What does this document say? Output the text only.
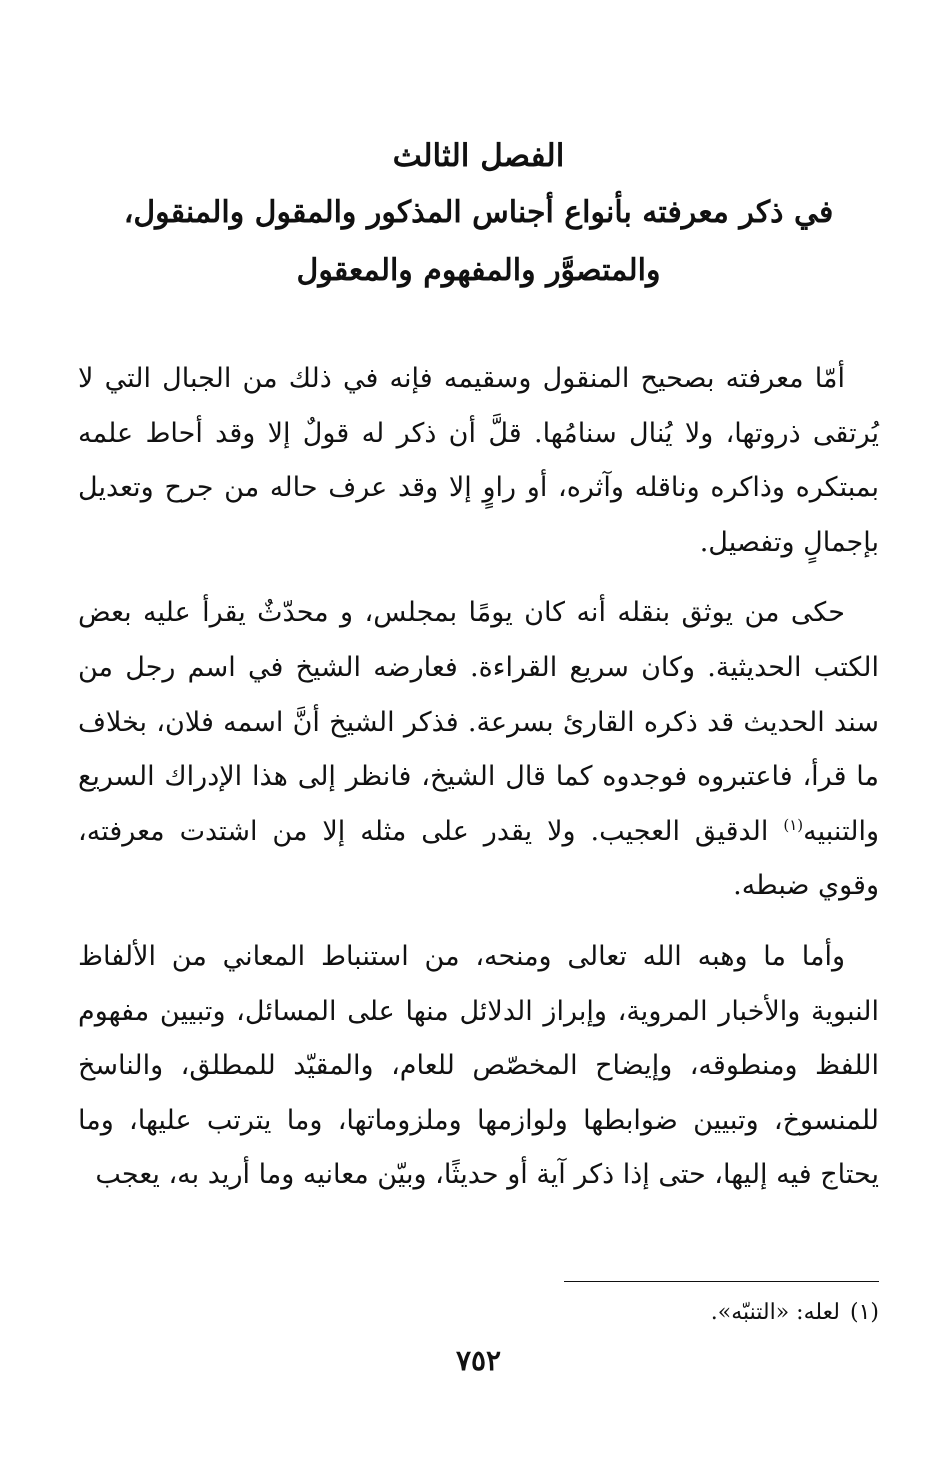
الفصل الثالث
في ذكر معرفته بأنواع أجناس المذكور والمقول والمنقول،
والمتصوَّر والمفهوم والمعقول

أمّا معرفته بصحيح المنقول وسقيمه فإنه في ذلك من الجبال التي لا يُرتقى ذروتها، ولا يُنال سنامُها. قلَّ أن ذكر له قولٌ إلا وقد أحاط علمه بمبتكره وذاكره وناقله وآثره، أو راوٍ إلا وقد عرف حاله من جرح وتعديل بإجمالٍ وتفصيل.

حكى من يوثق بنقله أنه كان يومًا بمجلس، و محدّثٌ يقرأ عليه بعض الكتب الحديثية. وكان سريع القراءة. فعارضه الشيخ في اسم رجل من سند الحديث قد ذكره القارئ بسرعة. فذكر الشيخ أنَّ اسمه فلان، بخلاف ما قرأ، فاعتبروه فوجدوه كما قال الشيخ، فانظر إلى هذا الإدراك السريع والتنبيه$^{(١)}$ الدقيق العجيب. ولا يقدر على مثله إلا من اشتدت معرفته، وقوي ضبطه.

وأما ما وهبه الله تعالى ومنحه، من استنباط المعاني من الألفاظ النبوية والأخبار المروية، وإبراز الدلائل منها على المسائل، وتبيين مفهوم اللفظ ومنطوقه، وإيضاح المخصّص للعام، والمقيّد للمطلق، والناسخ للمنسوخ، وتبيين ضوابطها ولوازمها وملزوماتها، وما يترتب عليها، وما يحتاج فيه إليها، حتى إذا ذكر آية أو حديثًا، وبيّن معانيه وما أريد به، يعجب

(١)لعله: «التنبّه».
٧٥٢
